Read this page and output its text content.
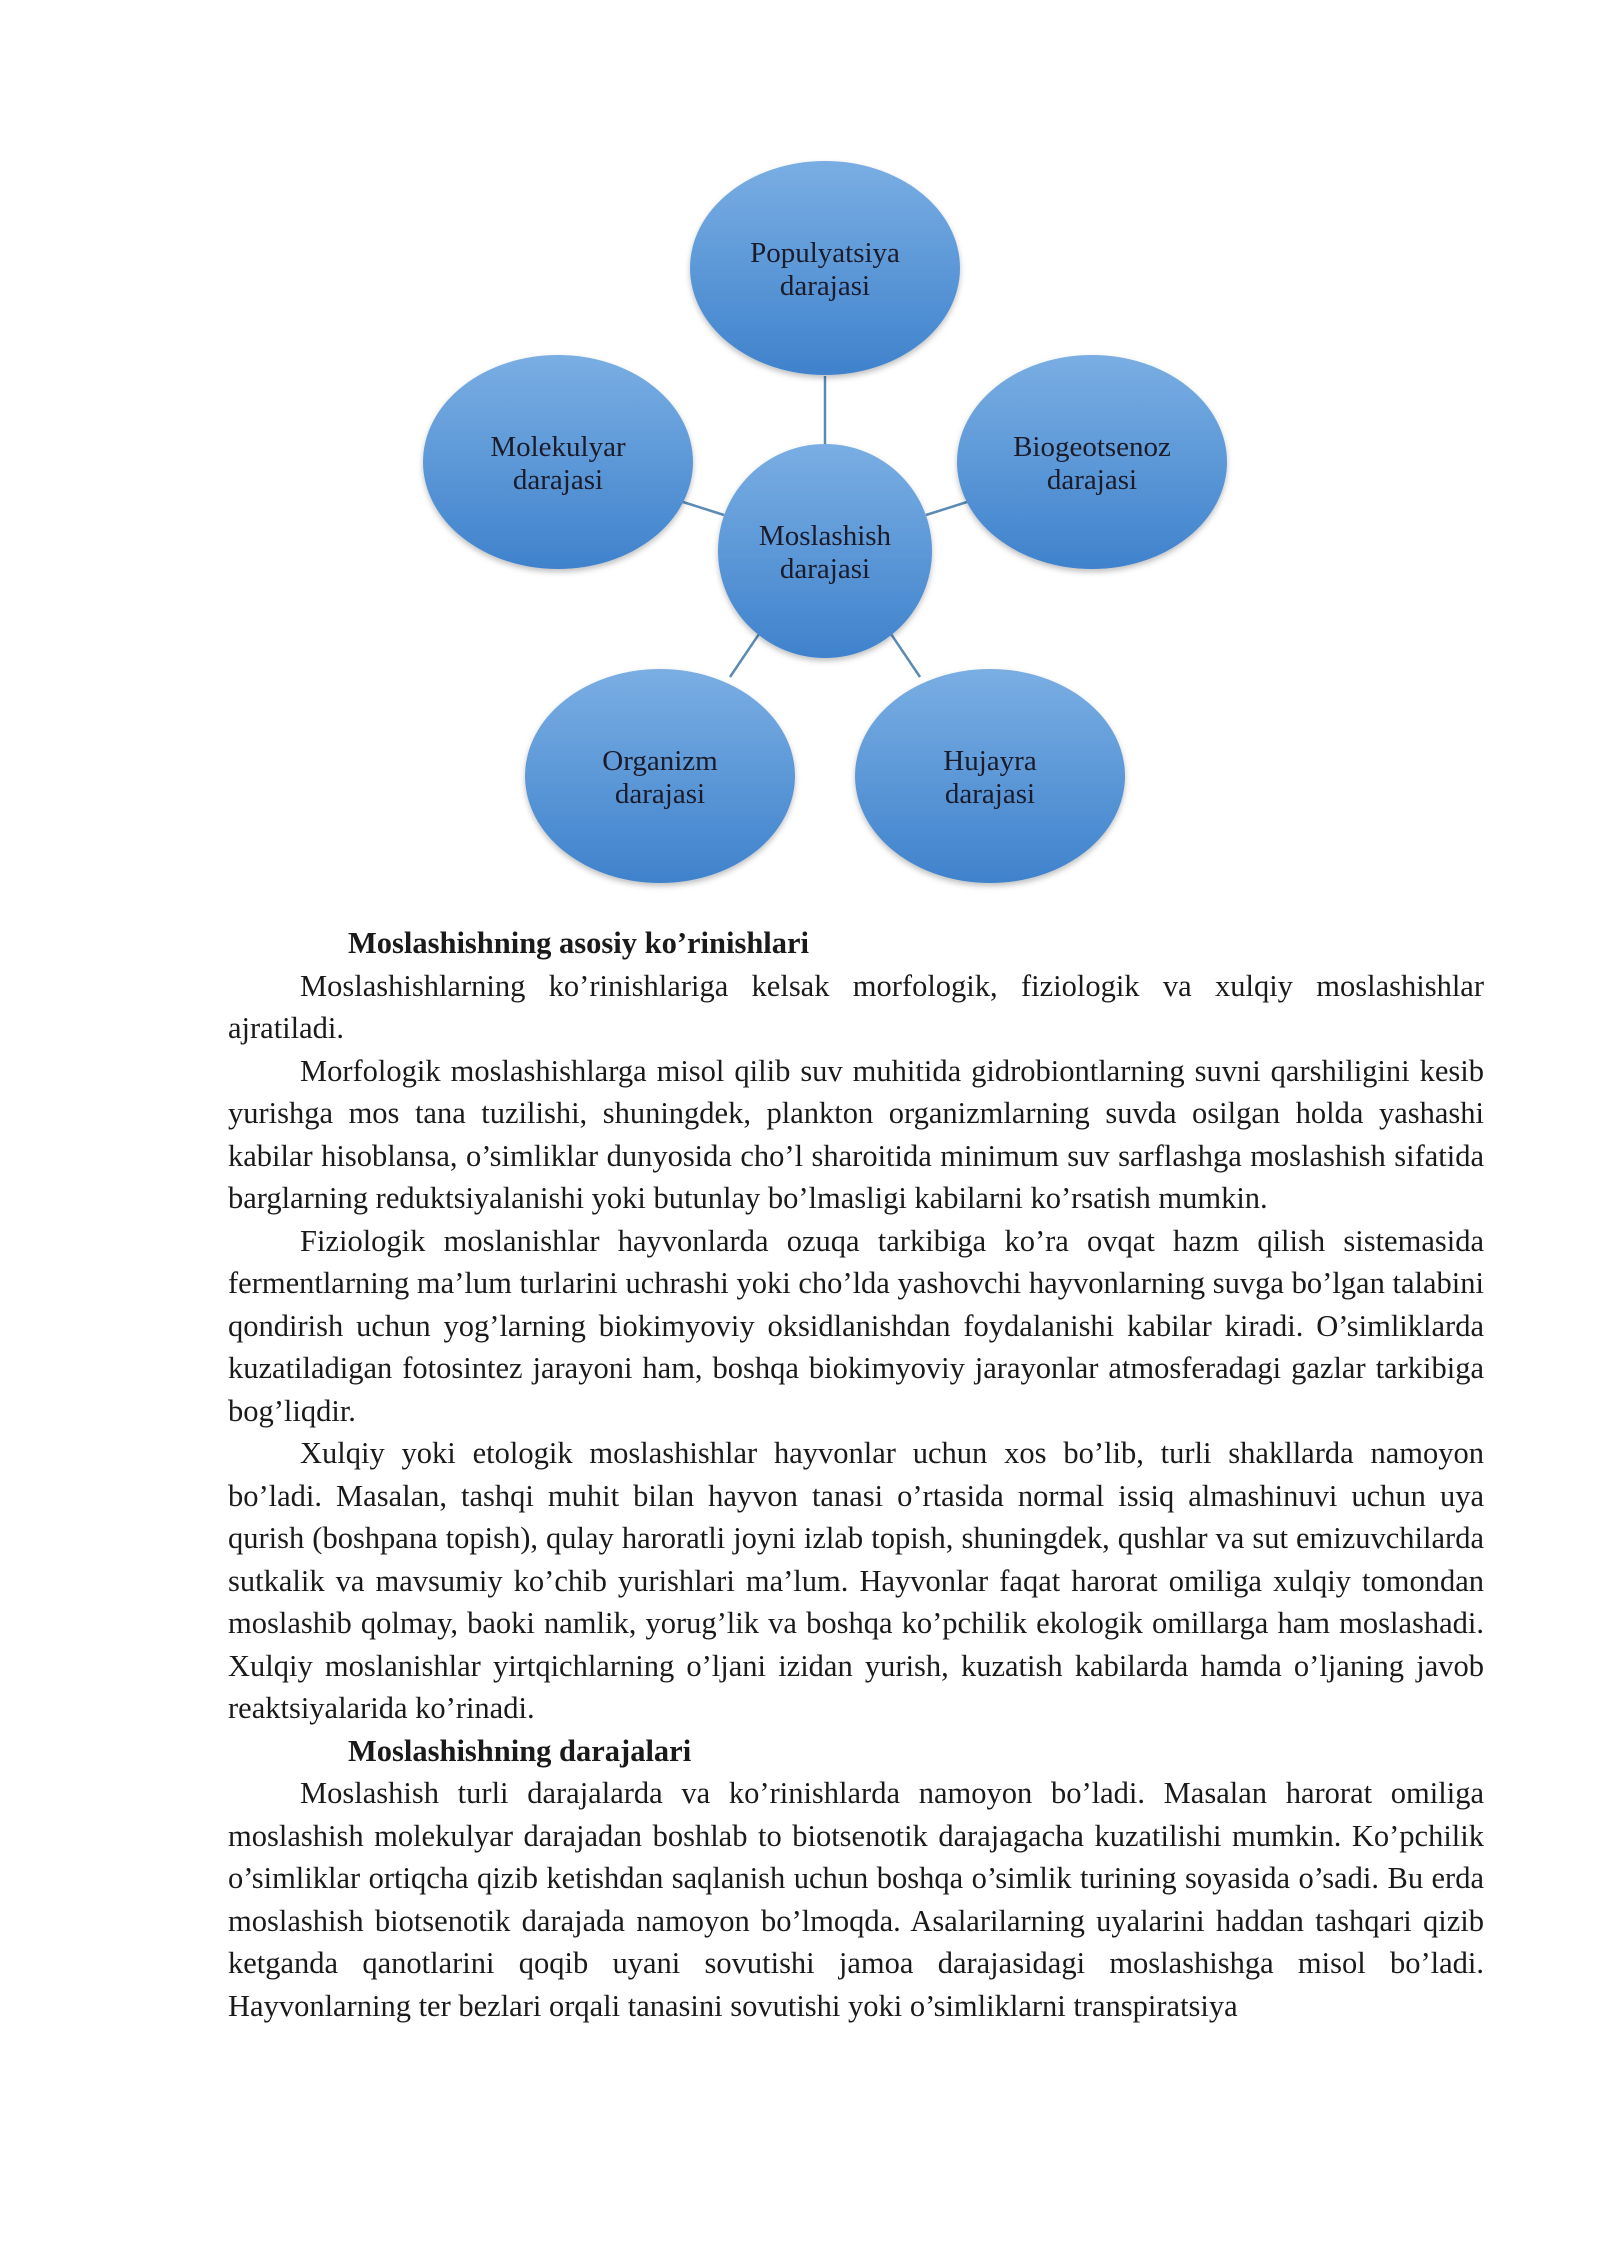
Populyatsiya
darajasi
Biogeotsenoz
darajasi
Hujayra
darajasi
Organizm
darajasi
Molekulyar
darajasi
Moslashish
darajasi
Moslashishning asosiy ko’rinishlari

Moslashishlarning ko’rinishlariga kelsak morfologik, fiziologik va xulqiy moslashishlar ajratiladi.

Morfologik moslashishlarga misol qilib suv muhitida gidrobiontlarning suvni qarshiligini kesib yurishga mos tana tuzilishi, shuningdek, plankton organizmlarning suvda osilgan holda yashashi kabilar hisoblansa, o’simliklar dunyosida cho’l sharoitida minimum suv sarflashga moslashish sifatida barglarning reduktsiyalanishi yoki butunlay bo’lmasligi kabilarni ko’rsatish mumkin.

Fiziologik moslanishlar hayvonlarda ozuqa tarkibiga ko’ra ovqat hazm qilish sistemasida fermentlarning ma’lum turlarini uchrashi yoki cho’lda yashovchi hayvonlarning suvga bo’lgan talabini qondirish uchun yog’larning biokimyoviy oksidlanishdan foydalanishi kabilar kiradi. O’simliklarda kuzatiladigan fotosintez jarayoni ham, boshqa biokimyoviy jarayonlar atmosferadagi gazlar tarkibiga bog’liqdir.

Xulqiy yoki etologik moslashishlar hayvonlar uchun xos bo’lib, turli shakllarda namoyon bo’ladi. Masalan, tashqi muhit bilan hayvon tanasi o’rtasida normal issiq almashinuvi uchun uya qurish (boshpana topish), qulay haroratli joyni izlab topish, shuningdek, qushlar va sut emizuvchilarda sutkalik va mavsumiy ko’chib yurishlari ma’lum. Hayvonlar faqat harorat omiliga xulqiy tomondan moslashib qolmay, baoki namlik, yorug’lik va boshqa ko’pchilik ekologik omillarga ham moslashadi. Xulqiy moslanishlar yirtqichlarning o’ljani izidan yurish, kuzatish kabilarda hamda o’ljaning javob reaktsiyalarida ko’rinadi.

Moslashishning darajalari

Moslashish turli darajalarda va ko’rinishlarda namoyon bo’ladi. Masalan harorat omiliga moslashish molekulyar darajadan boshlab to biotsenotik darajagacha kuzatilishi mumkin. Ko’pchilik o’simliklar ortiqcha qizib ketishdan saqlanish uchun boshqa o’simlik turining soyasida o’sadi. Bu erda moslashish biotsenotik darajada namoyon bo’lmoqda. Asalarilarning uyalarini haddan tashqari qizib ketganda qanotlarini qoqib uyani sovutishi jamoa darajasidagi moslashishga misol bo’ladi. Hayvonlarning ter bezlari orqali tanasini sovutishi yoki o’simliklarni transpiratsiya
